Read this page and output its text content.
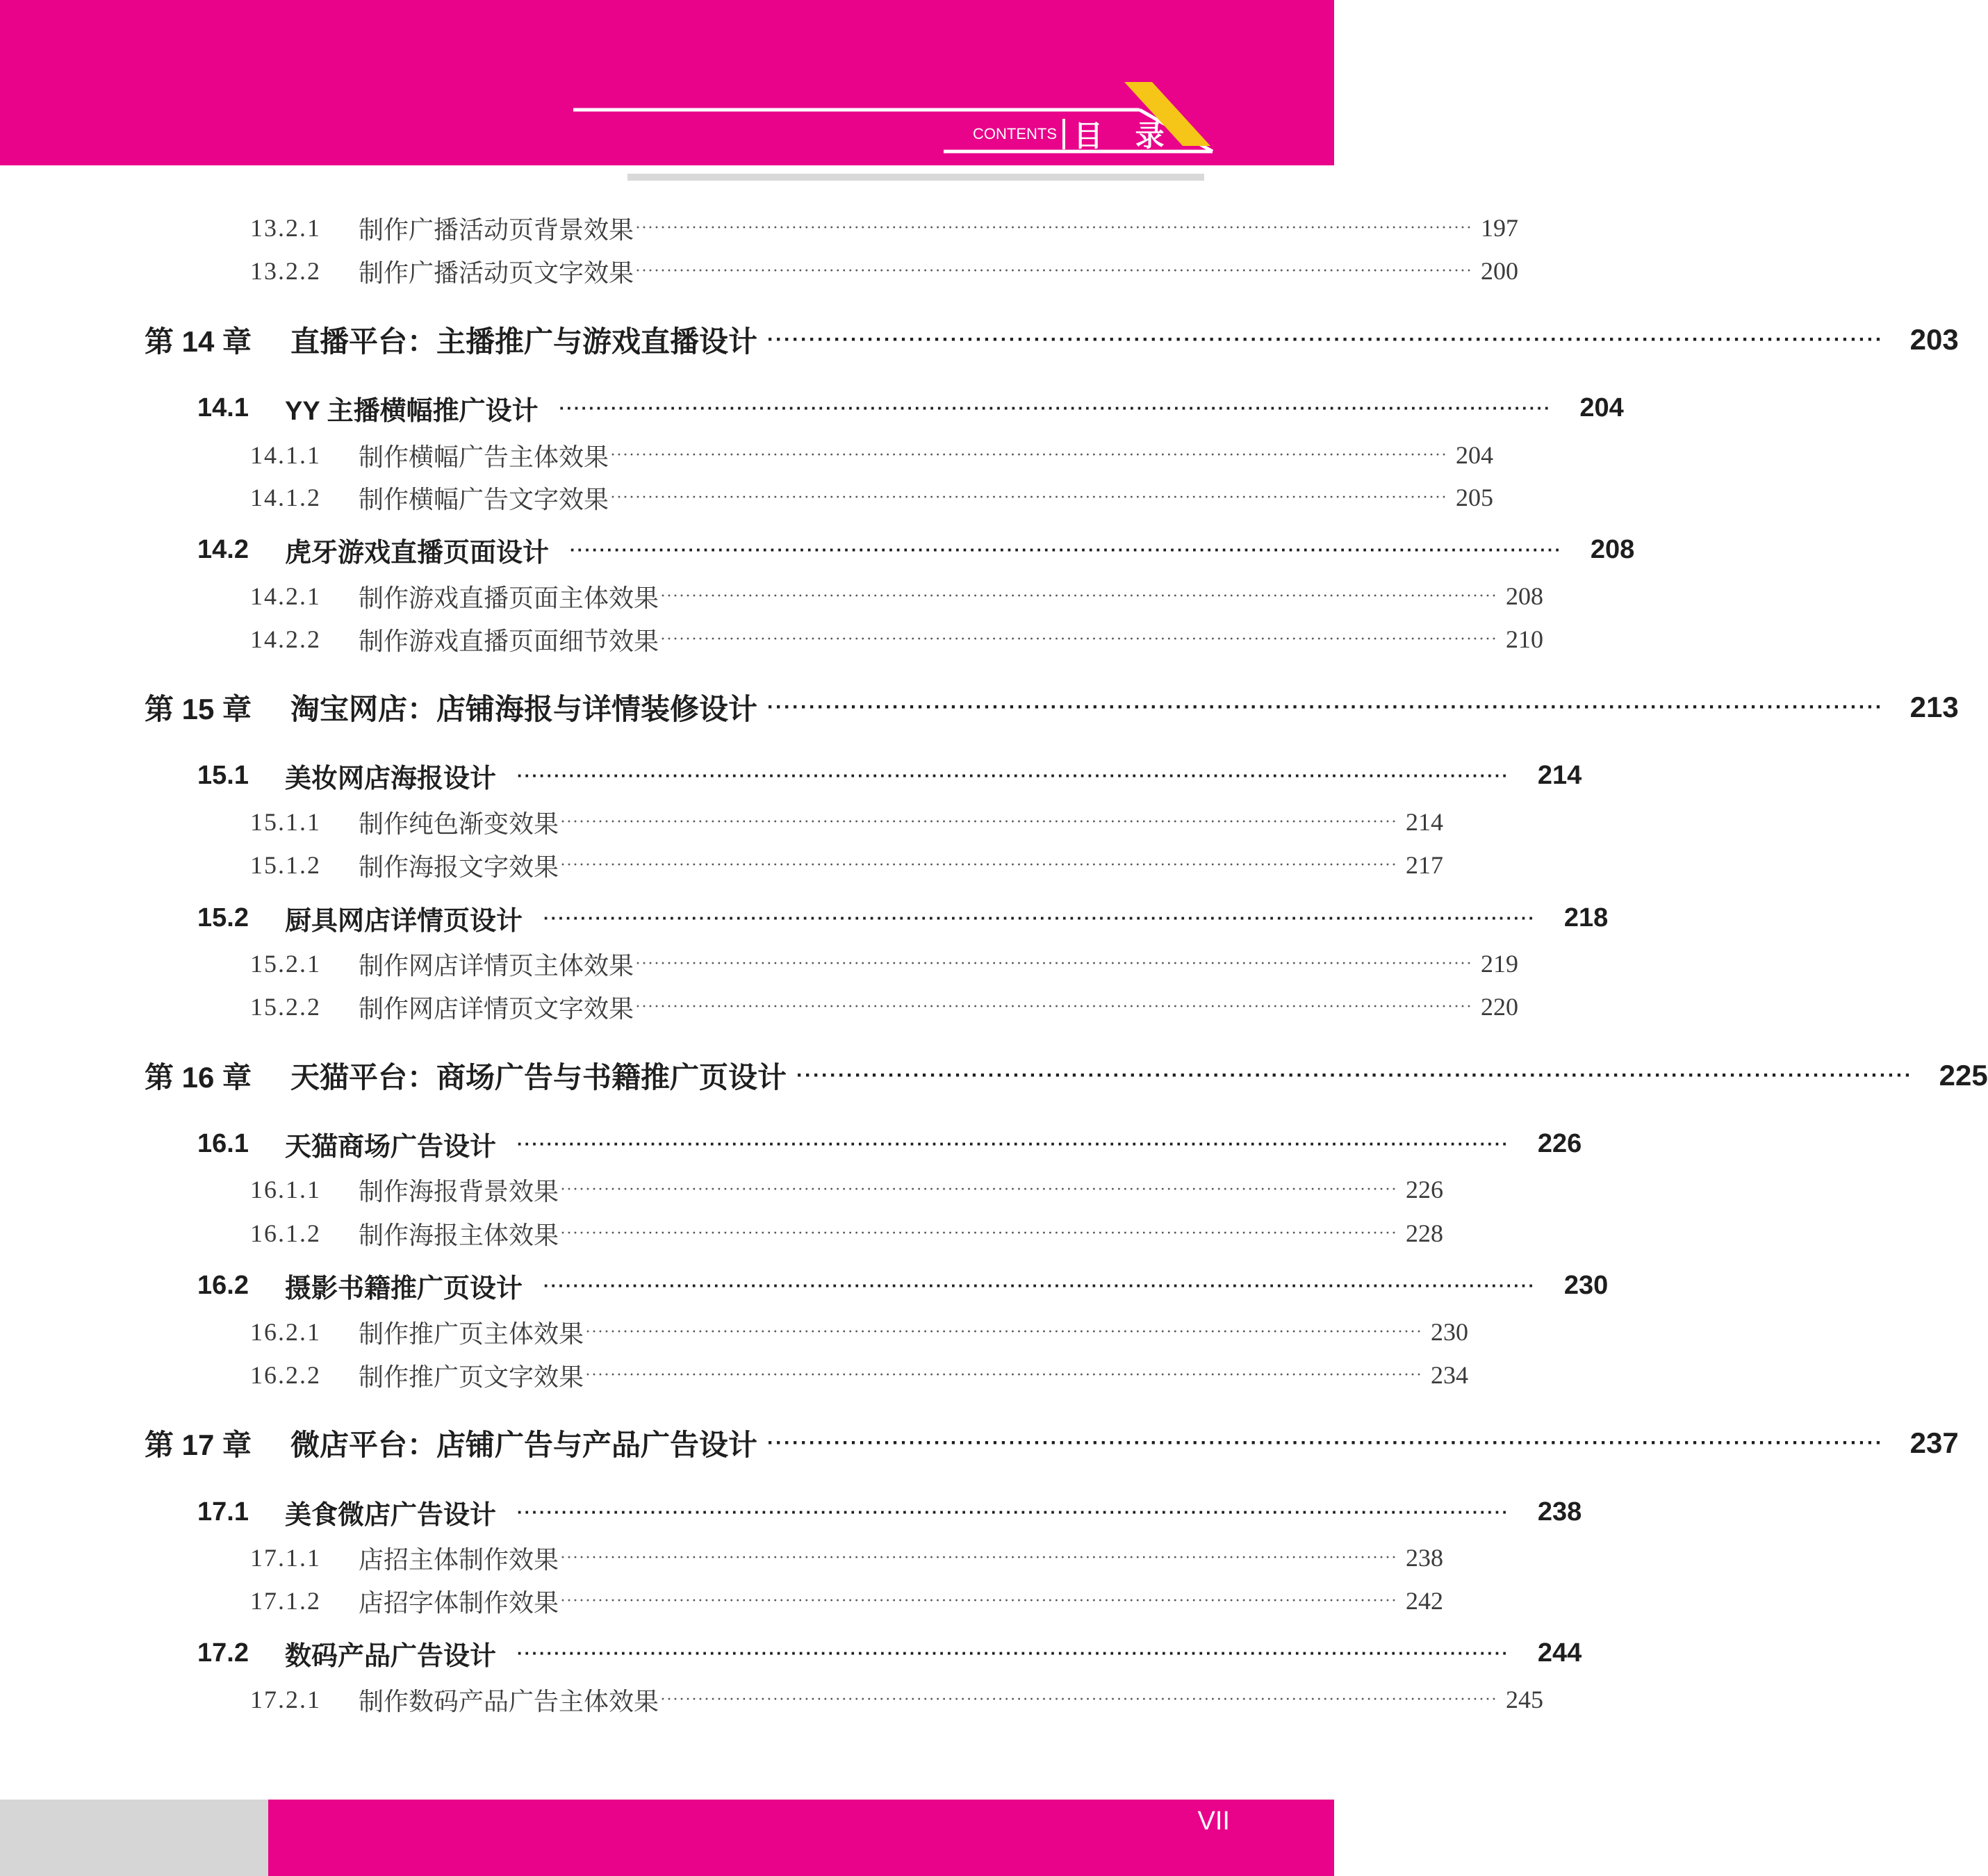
CONTENTS 目 录
13.2.1	制作广播活动页背景效果 ······································································································································ 197
13.2.2	制作广播活动页文字效果 ······································································································································ 200
第 14 章	直播平台：主播推广与游戏直播设计 ······································································································································ 203
14.1	YY 主播横幅推广设计 ······································································································································	204
14.1.1	制作横幅广告主体效果 ······································································································································ 204
14.1.2	制作横幅广告文字效果 ······································································································································ 205
14.2	虎牙游戏直播页面设计 ······································································································································	208
14.2.1	制作游戏直播页面主体效果 ······································································································································ 208
14.2.2	制作游戏直播页面细节效果 ······································································································································ 210
第 15 章	淘宝网店：店铺海报与详情装修设计 ······································································································································ 213
15.1	美妆网店海报设计 ······································································································································	214
15.1.1	制作纯色渐变效果 ······································································································································ 214
15.1.2	制作海报文字效果 ······································································································································ 217
15.2	厨具网店详情页设计 ······································································································································	218
15.2.1	制作网店详情页主体效果 ······································································································································ 219
15.2.2	制作网店详情页文字效果 ······································································································································ 220
第 16 章	天猫平台：商场广告与书籍推广页设计 ······································································································································ 225
16.1	天猫商场广告设计 ······································································································································	226
16.1.1	制作海报背景效果 ······································································································································ 226
16.1.2	制作海报主体效果 ······································································································································ 228
16.2	摄影书籍推广页设计 ······································································································································	230
16.2.1	制作推广页主体效果 ······································································································································ 230
16.2.2	制作推广页文字效果 ······································································································································ 234
第 17 章	微店平台：店铺广告与产品广告设计 ······································································································································ 237
17.1	美食微店广告设计 ······································································································································	238
17.1.1	店招主体制作效果 ······································································································································ 238
17.1.2	店招字体制作效果 ······································································································································ 242
17.2	数码产品广告设计 ······································································································································	244
17.2.1	制作数码产品广告主体效果 ······································································································································ 245
VII
